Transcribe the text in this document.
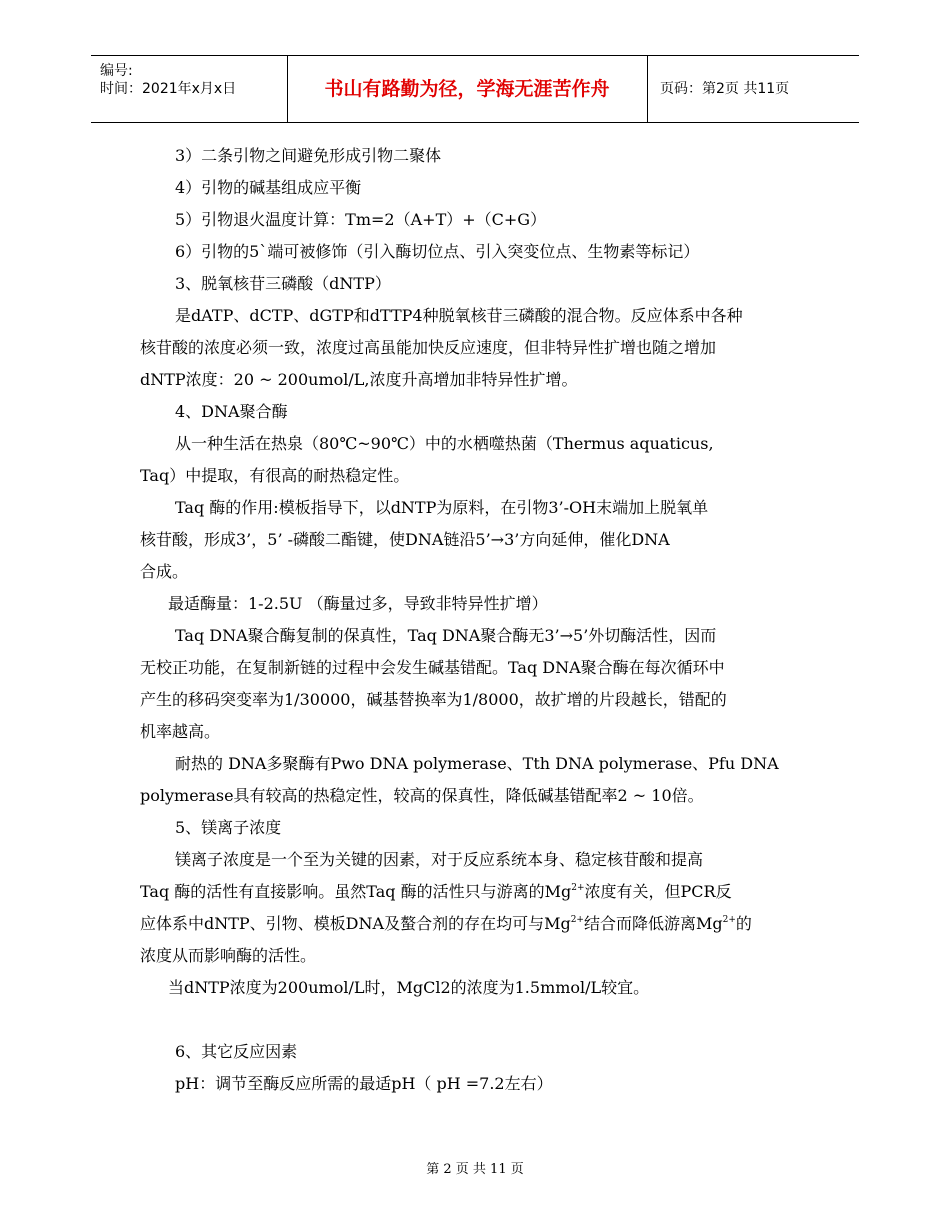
编号:
时间：2021年x月x日	书山有路勤为径，学海无涯苦作舟	页码：第2页 共11页
3）二条引物之间避免形成引物二聚体
4）引物的碱基组成应平衡
5）引物退火温度计算：Tm=2（A+T）+（C+G）
6）引物的5`端可被修饰（引入酶切位点、引入突变位点、生物素等标记）
3、脱氧核苷三磷酸（dNTP）
是dATP、dCTP、dGTP和dTTP4种脱氧核苷三磷酸的混合物。反应体系中各种
核苷酸的浓度必须一致，浓度过高虽能加快反应速度，但非特异性扩增也随之增加
dNTP浓度：20 ~ 200umol/L,浓度升高增加非特异性扩增。
4、DNA聚合酶
从一种生活在热泉（80℃~90℃）中的水栖噬热菌（Thermus aquaticus,
Taq）中提取，有很高的耐热稳定性。
Taq 酶的作用:模板指导下，以dNTP为原料，在引物3’-OH末端加上脱氧单
核苷酸，形成3’，5’ -磷酸二酯键，使DNA链沿5’→3’方向延伸，催化DNA
合成。
最适酶量：1-2.5U （酶量过多，导致非特异性扩增）
Taq DNA聚合酶复制的保真性，Taq DNA聚合酶无3’→5’外切酶活性，因而
无校正功能，在复制新链的过程中会发生碱基错配。Taq DNA聚合酶在每次循环中
产生的移码突变率为1/30000，碱基替换率为1/8000，故扩增的片段越长，错配的
机率越高。
耐热的 DNA多聚酶有Pwo DNA polymerase、Tth DNA polymerase、Pfu DNA
polymerase具有较高的热稳定性，较高的保真性，降低碱基错配率2 ~ 10倍。
5、镁离子浓度
镁离子浓度是一个至为关键的因素，对于反应系统本身、稳定核苷酸和提高
Taq 酶的活性有直接影响。虽然Taq 酶的活性只与游离的$Mg^{2+}$浓度有关，但PCR反
应体系中dNTP、引物、模板DNA及螯合剂的存在均可与$Mg^{2+}$结合而降低游离$Mg^{2+}$的
浓度从而影响酶的活性。
当dNTP浓度为200umol/L时，MgCl2的浓度为1.5mmol/L较宜。
6、其它反应因素
pH：调节至酶反应所需的最适pH（ pH =7.2左右）
第 2 页 共 11 页
